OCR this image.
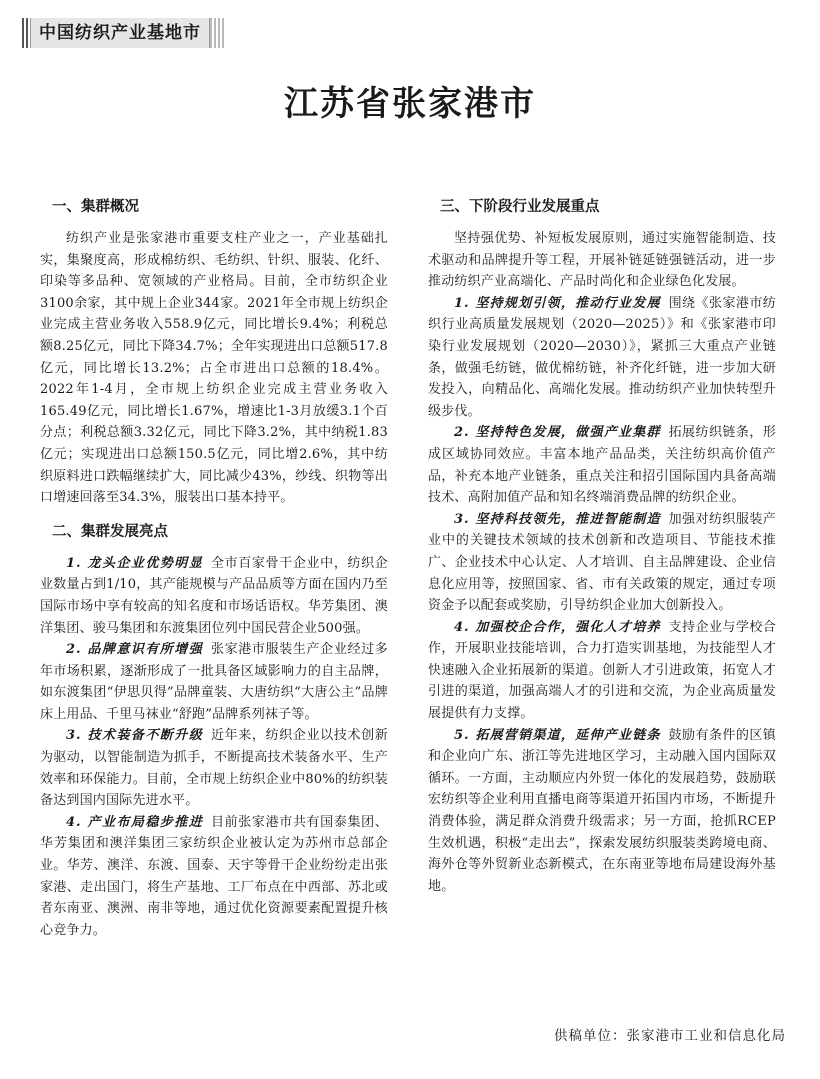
中国纺织产业基地市
江苏省张家港市
一、集群概况

纺织产业是张家港市重要支柱产业之一，产业基础扎实，集聚度高，形成棉纺织、毛纺织、针织、服装、化纤、印染等多品种、宽领域的产业格局。目前，全市纺织企业3100余家，其中规上企业344家。2021年全市规上纺织企业完成主营业务收入558.9亿元，同比增长9.4%；利税总额8.25亿元，同比下降34.7%；全年实现进出口总额517.8亿元，同比增长13.2%；占全市进出口总额的18.4%。2022年1-4月，全市规上纺织企业完成主营业务收入165.49亿元，同比增长1.67%，增速比1-3月放缓3.1个百分点；利税总额3.32亿元，同比下降3.2%，其中纳税1.83亿元；实现进出口总额150.5亿元，同比增2.6%，其中纺织原料进口跌幅继续扩大，同比减少43%，纱线、织物等出口增速回落至34.3%，服装出口基本持平。

二、集群发展亮点

1. 龙头企业优势明显 全市百家骨干企业中，纺织企业数量占到1/10，其产能规模与产品品质等方面在国内乃至国际市场中享有较高的知名度和市场话语权。华芳集团、澳洋集团、骏马集团和东渡集团位列中国民营企业500强。

2. 品牌意识有所增强 张家港市服装生产企业经过多年市场积累，逐渐形成了一批具备区域影响力的自主品牌，如东渡集团“伊思贝得”品牌童装、大唐纺织“大唐公主”品牌床上用品、千里马袜业“舒跑”品牌系列袜子等。

3. 技术装备不断升级 近年来，纺织企业以技术创新为驱动，以智能制造为抓手，不断提高技术装备水平、生产效率和环保能力。目前，全市规上纺织企业中80%的纺织装备达到国内国际先进水平。

4. 产业布局稳步推进 目前张家港市共有国泰集团、华芳集团和澳洋集团三家纺织企业被认定为苏州市总部企业。华芳、澳洋、东渡、国泰、天宇等骨干企业纷纷走出张家港、走出国门，将生产基地、工厂布点在中西部、苏北或者东南亚、澳洲、南非等地，通过优化资源要素配置提升核心竞争力。

三、下阶段行业发展重点

坚持强优势、补短板发展原则，通过实施智能制造、技术驱动和品牌提升等工程，开展补链延链强链活动，进一步推动纺织产业高端化、产品时尚化和企业绿色化发展。

1. 坚持规划引领，推动行业发展 围绕《张家港市纺织行业高质量发展规划（2020—2025）》和《张家港市印染行业发展规划（2020—2030）》，紧抓三大重点产业链条，做强毛纺链，做优棉纺链，补齐化纤链，进一步加大研发投入，向精品化、高端化发展。推动纺织产业加快转型升级步伐。

2. 坚持特色发展，做强产业集群 拓展纺织链条，形成区域协同效应。丰富本地产品品类，关注纺织高价值产品，补充本地产业链条，重点关注和招引国际国内具备高端技术、高附加值产品和知名终端消费品牌的纺织企业。

3. 坚持科技领先，推进智能制造 加强对纺织服装产业中的关键技术领域的技术创新和改造项目、节能技术推广、企业技术中心认定、人才培训、自主品牌建设、企业信息化应用等，按照国家、省、市有关政策的规定，通过专项资金予以配套或奖励，引导纺织企业加大创新投入。

4. 加强校企合作，强化人才培养 支持企业与学校合作，开展职业技能培训，合力打造实训基地，为技能型人才快速融入企业拓展新的渠道。创新人才引进政策，拓宽人才引进的渠道，加强高端人才的引进和交流，为企业高质量发展提供有力支撑。

5. 拓展营销渠道，延伸产业链条 鼓励有条件的区镇和企业向广东、浙江等先进地区学习，主动融入国内国际双循环。一方面，主动顺应内外贸一体化的发展趋势，鼓励联宏纺织等企业利用直播电商等渠道开拓国内市场，不断提升消费体验，满足群众消费升级需求；另一方面，抢抓RCEP生效机遇，积极“走出去”，探索发展纺织服装类跨境电商、海外仓等外贸新业态新模式，在东南亚等地布局建设海外基地。

供稿单位：张家港市工业和信息化局
